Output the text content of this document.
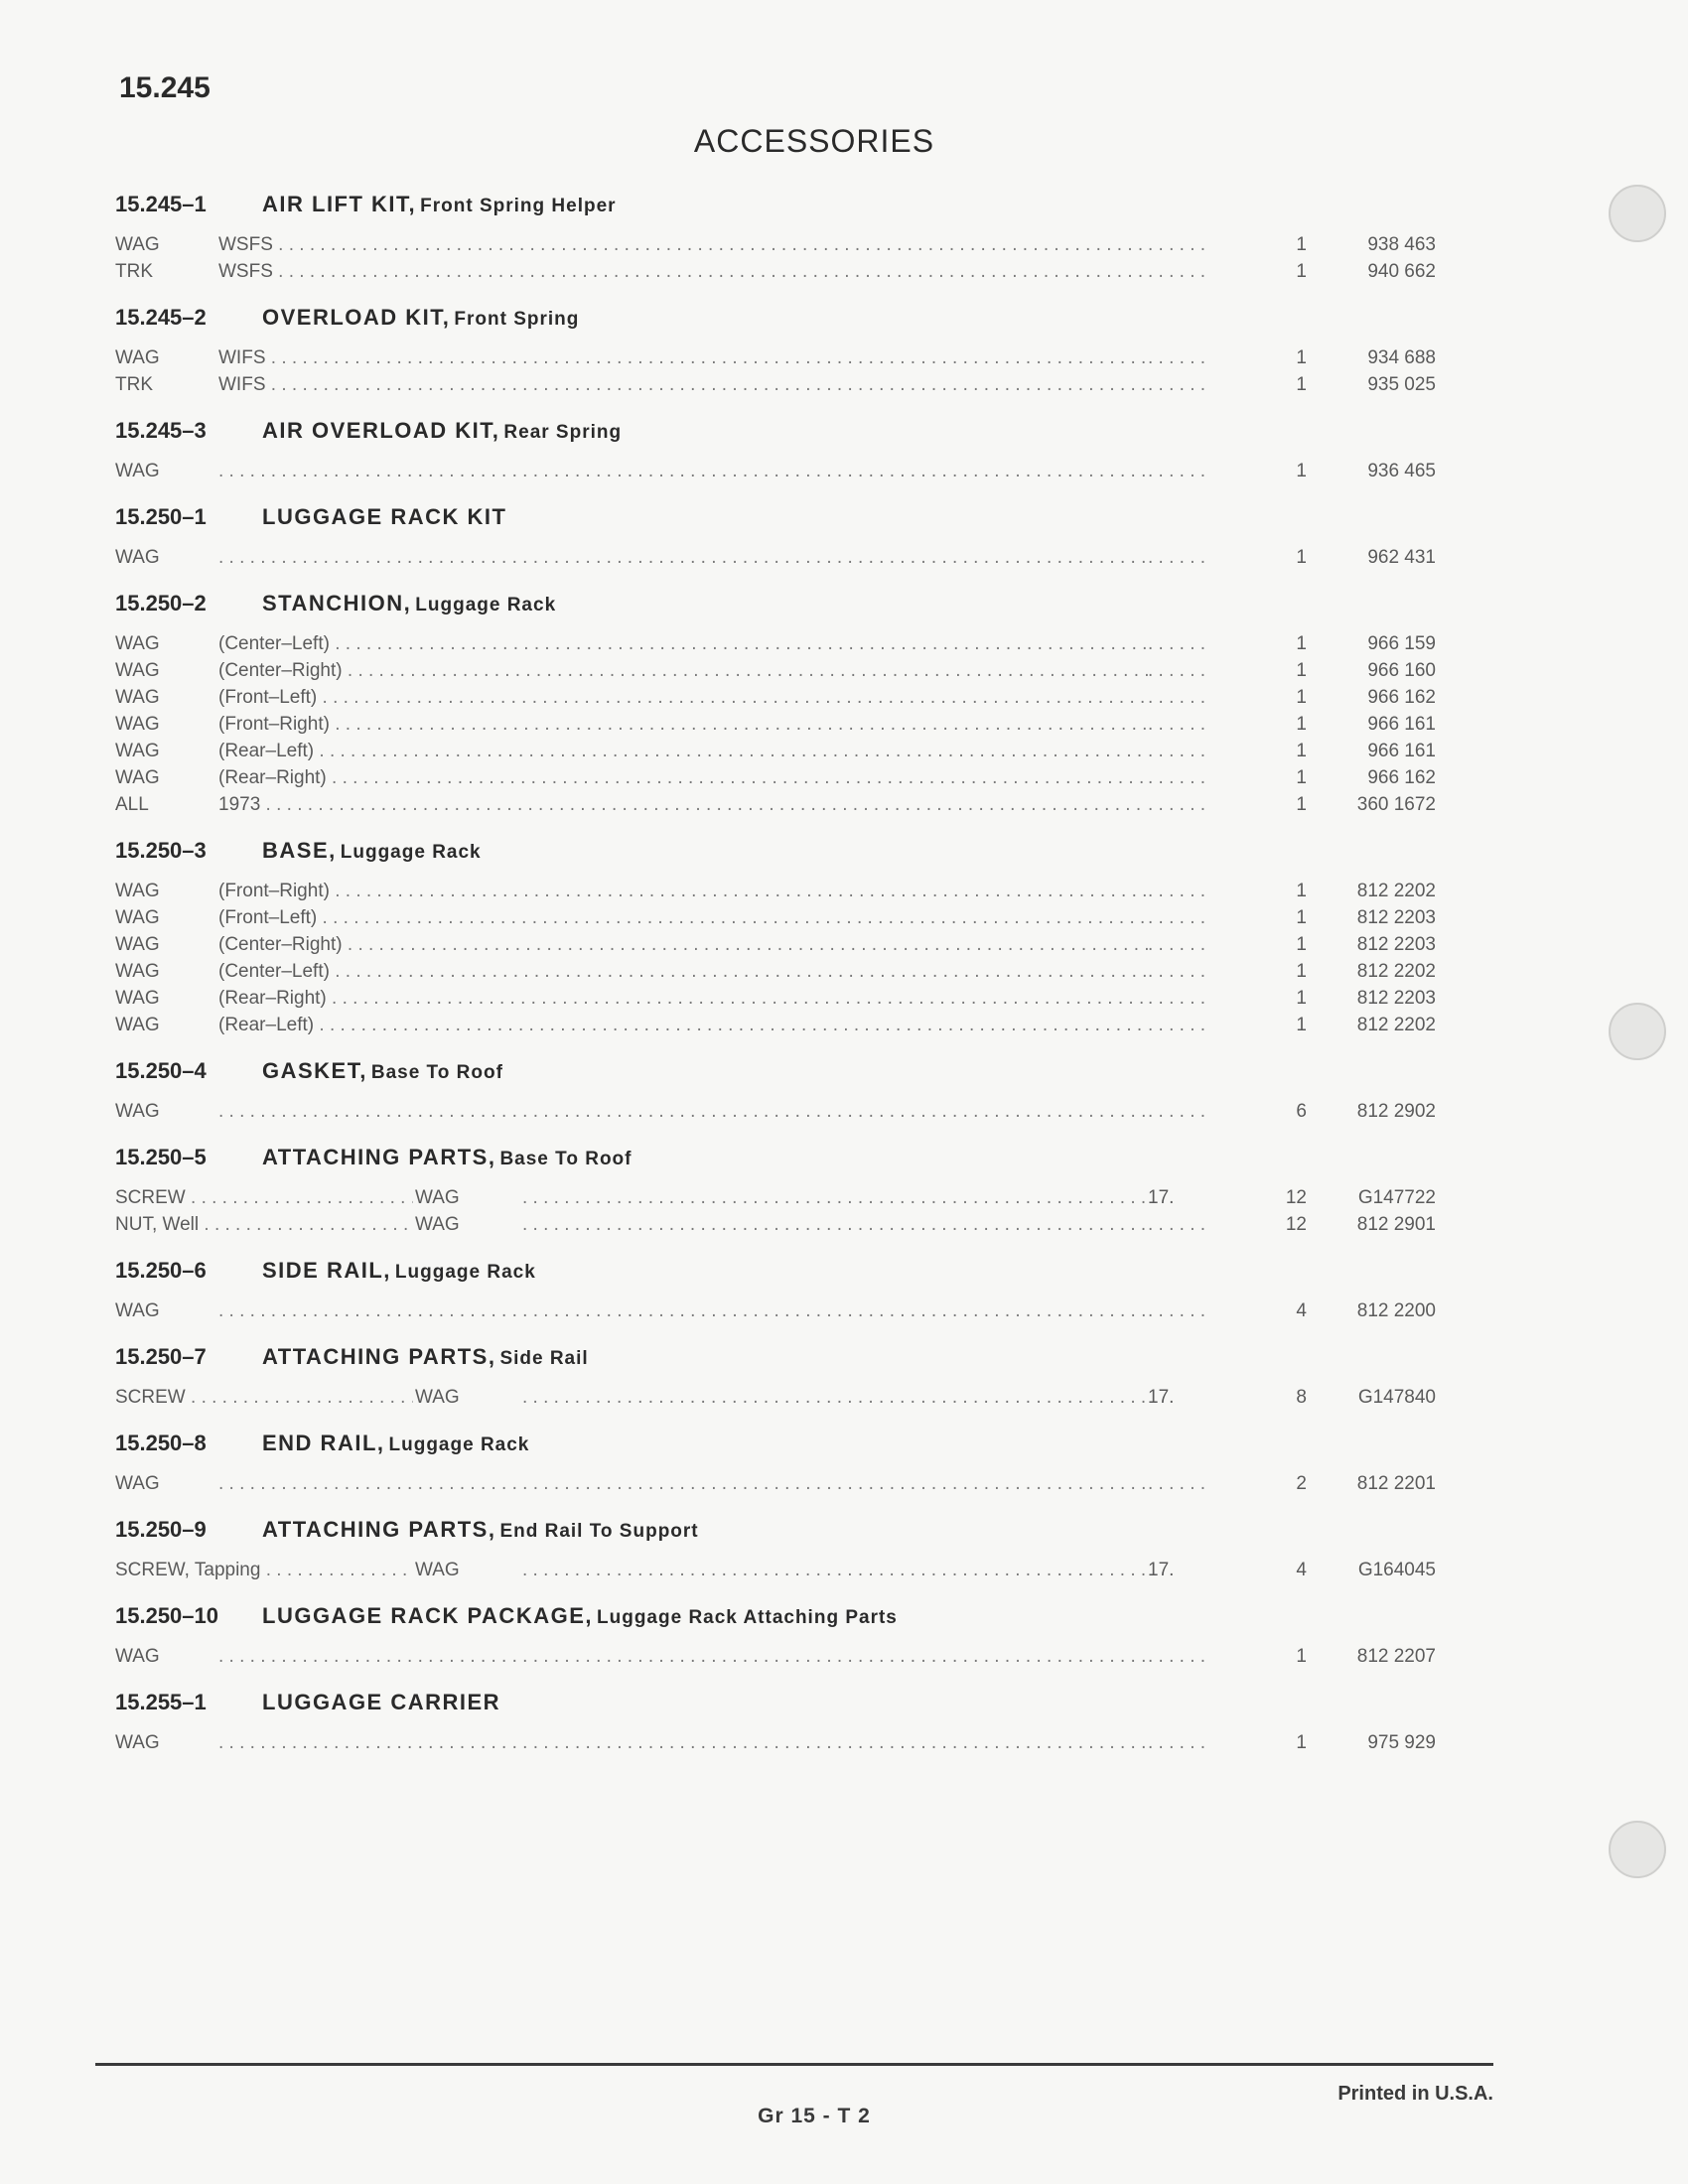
15.245
ACCESSORIES
15.245–1	AIR LIFT KIT, Front Spring Helper
WAG	WSFS . . . . . .	1	938 463
TRK	WSFS . . . . . .	1	940 662
15.245–2	OVERLOAD KIT, Front Spring
WAG	WIFS . . . . . .	1	934 688
TRK	WIFS . . . . . .	1	935 025
15.245–3	AIR OVERLOAD KIT, Rear Spring
WAG . . . . . .	1	936 465
15.250–1	LUGGAGE RACK KIT
WAG . . . . . .	1	962 431
15.250–2	STANCHION, Luggage Rack
WAG	(Center–Left) . . . . . .	1	966 159
WAG	(Center–Right) . . . . . .	1	966 160
WAG	(Front–Left) . . . . . .	1	966 162
WAG	(Front–Right) . . . . . .	1	966 161
WAG	(Rear–Left) . . . . . .	1	966 161
WAG	(Rear–Right) . . . . . .	1	966 162
ALL	1973 . . . . . .	1	360 1672
15.250–3	BASE, Luggage Rack
WAG	(Front–Right) . . . . . .	1	812 2202
WAG	(Front–Left) . . . . . .	1	812 2203
WAG	(Center–Right) . . . . . .	1	812 2203
WAG	(Center–Left) . . . . . .	1	812 2202
WAG	(Rear–Right) . . . . . .	1	812 2203
WAG	(Rear–Left) . . . . . .	1	812 2202
15.250–4	GASKET, Base To Roof
WAG . . . . . .	6	812 2902
15.250–5	ATTACHING PARTS, Base To Roof
SCREW . . .	WAG . . .	17.	12	G147722
NUT, Well . . .	WAG . . . . . .	12	812 2901
15.250–6	SIDE RAIL, Luggage Rack
WAG . . . . . .	4	812 2200
15.250–7	ATTACHING PARTS, Side Rail
SCREW . . .	WAG . . .	17.	8	G147840
15.250–8	END RAIL, Luggage Rack
WAG . . . . . .	2	812 2201
15.250–9	ATTACHING PARTS, End Rail To Support
SCREW, Tapping . . .	WAG . . .	17.	4	G164045
15.250–10 LUGGAGE RACK PACKAGE, Luggage Rack Attaching Parts
WAG . . . . . .	1	812 2207
15.255–1	LUGGAGE CARRIER
WAG . . . . . .	1	975 929
Printed in U.S.A.
Gr 15 - T 2
